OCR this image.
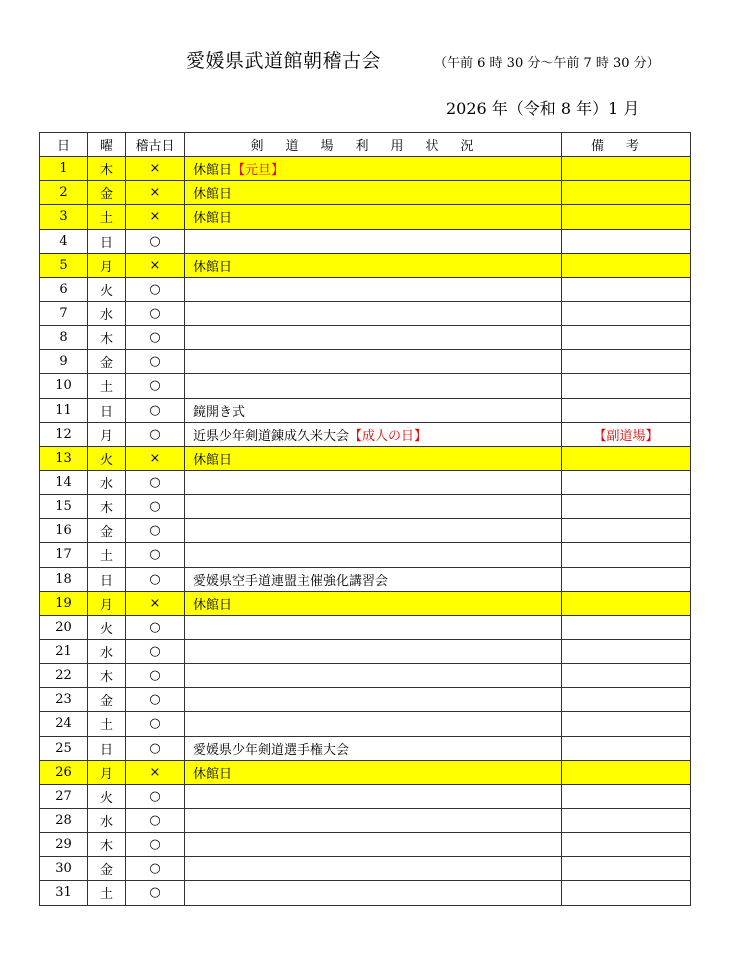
愛媛県武道館朝稽古会	（午前 6 時 30 分～午前 7 時 30 分）
2026 年（令和 8 年）1 月
日	曜	稽古日	剣道場利用状況	備考
1	木	×	休館日【元旦】	
2	金	×	休館日	
3	土	×	休館日	
4	日	○		
5	月	×	休館日	
6	火	○		
7	水	○		
8	木	○		
9	金	○		
10	土	○		
11	日	○	鏡開き式	
12	月	○	近県少年剣道錬成久米大会【成人の日】	【副道場】
13	火	×	休館日	
14	水	○		
15	木	○		
16	金	○		
17	土	○		
18	日	○	愛媛県空手道連盟主催強化講習会	
19	月	×	休館日	
20	火	○		
21	水	○		
22	木	○		
23	金	○		
24	土	○		
25	日	○	愛媛県少年剣道選手権大会	
26	月	×	休館日	
27	火	○		
28	水	○		
29	木	○		
30	金	○		
31	土	○		
